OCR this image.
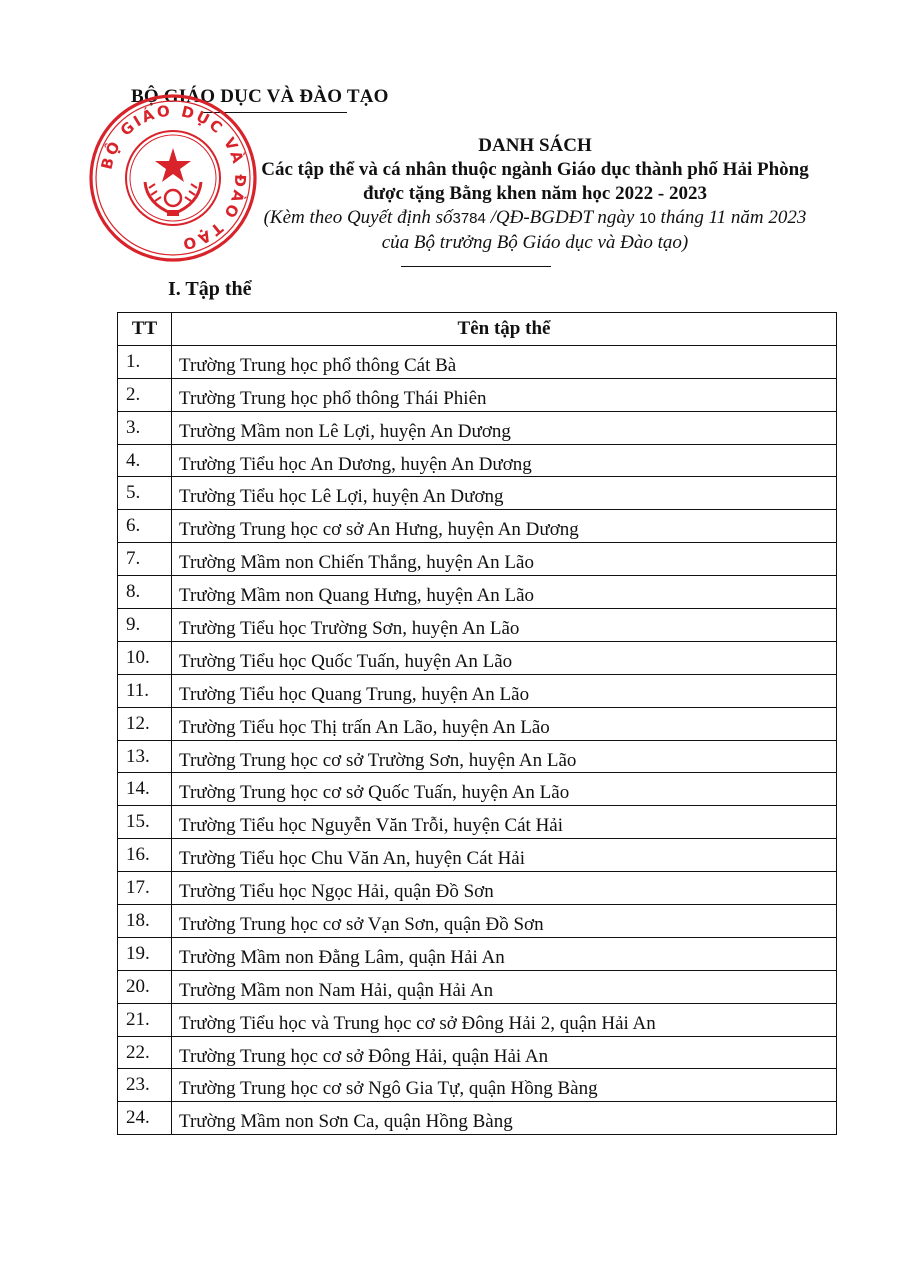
BỘ GIÁO DỤC VÀ ĐÀO TẠO
BỘ GIÁO DỤC VÀ ĐÀO TẠO
DANH SÁCH
Các tập thể và cá nhân thuộc ngành Giáo dục thành phố Hải Phòng
được tặng Bằng khen năm học 2022 - 2023
(Kèm theo Quyết định số3784 /QĐ-BGDĐT ngày 10 tháng 11 năm 2023
của Bộ trưởng Bộ Giáo dục và Đào tạo)
I. Tập thể
TT	Tên tập thể
1.	Trường Trung học phổ thông Cát Bà
2.	Trường Trung học phổ thông Thái Phiên
3.	Trường Mầm non Lê Lợi, huyện An Dương
4.	Trường Tiểu học An Dương, huyện An Dương
5.	Trường Tiểu học Lê Lợi, huyện An Dương
6.	Trường Trung học cơ sở An Hưng, huyện An Dương
7.	Trường Mầm non Chiến Thắng, huyện An Lão
8.	Trường Mầm non Quang Hưng, huyện An Lão
9.	Trường Tiểu học Trường Sơn, huyện An Lão
10.	Trường Tiểu học Quốc Tuấn, huyện An Lão
11.	Trường Tiểu học Quang Trung, huyện An Lão
12.	Trường Tiểu học Thị trấn An Lão, huyện An Lão
13.	Trường Trung học cơ sở Trường Sơn, huyện An Lão
14.	Trường Trung học cơ sở Quốc Tuấn, huyện An Lão
15.	Trường Tiểu học Nguyễn Văn Trỗi, huyện Cát Hải
16.	Trường Tiểu học Chu Văn An, huyện Cát Hải
17.	Trường Tiểu học Ngọc Hải, quận Đồ Sơn
18.	Trường Trung học cơ sở Vạn Sơn, quận Đồ Sơn
19.	Trường Mầm non Đằng Lâm, quận Hải An
20.	Trường Mầm non Nam Hải, quận Hải An
21.	Trường Tiểu học và Trung học cơ sở Đông Hải 2, quận Hải An
22.	Trường Trung học cơ sở Đông Hải, quận Hải An
23.	Trường Trung học cơ sở Ngô Gia Tự, quận Hồng Bàng
24.	Trường Mầm non Sơn Ca, quận Hồng Bàng
